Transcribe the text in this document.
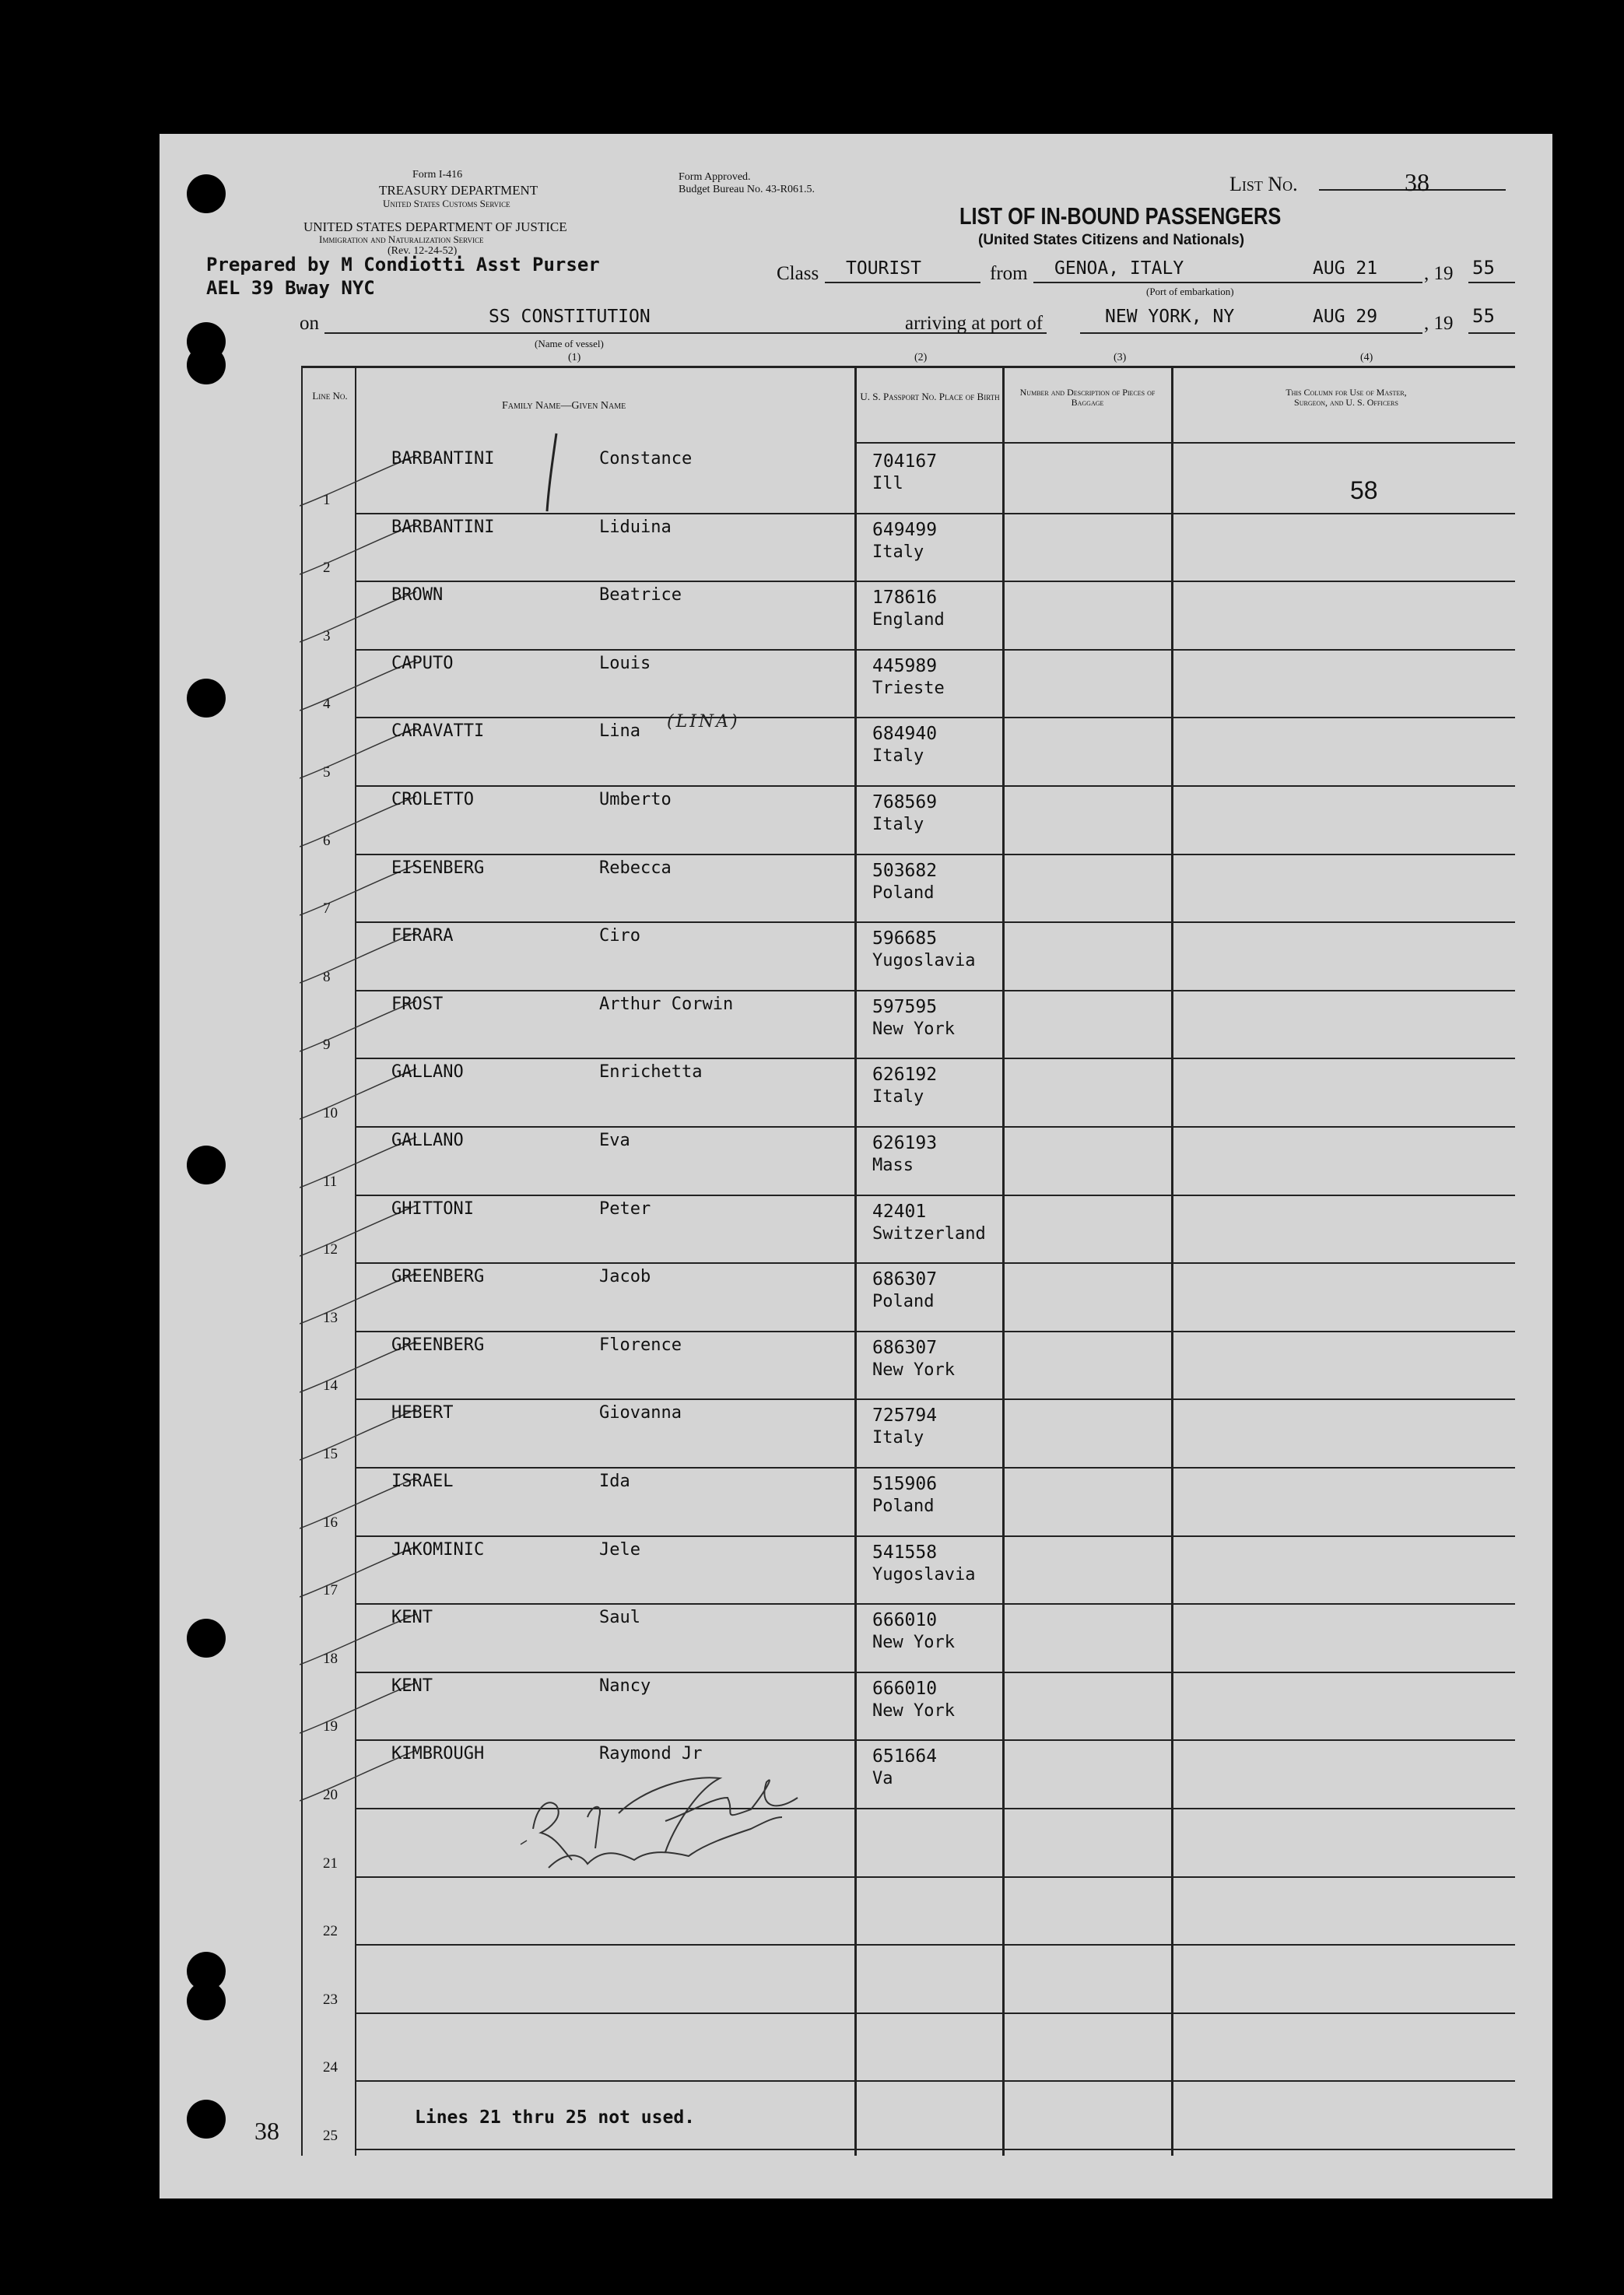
Form I-416
TREASURY DEPARTMENT
United States Customs Service
UNITED STATES DEPARTMENT OF JUSTICE
Immigration and Naturalization Service
(Rev. 12-24-52)
Form Approved.
Budget Bureau No. 43-R061.5.	List No.	38
LIST OF IN-BOUND PASSENGERS
(United States Citizens and Nationals)
Prepared by M Condiotti Asst Purser
AEL 39 Bway NYC
Class TOURIST	from GENOA, ITALY	AUG 21 , 19 55
(Port of embarkation)
on	SS CONSTITUTION
(Name of vessel)
arriving at port of	NEW YORK, NY	AUG 29 , 19 55
(1)	(2)	(3)	(4)
Line No.
Family Name—Given Name
U. S. Passport No. Place of Birth	Number and Description of Pieces of Baggage
This Column for Use of Master, Surgeon, and U. S. Officers
1
BARBANTINI	Constance	704167
Ill
2
BARBANTINI	Liduina	649499
Italy
3
BROWN	Beatrice	178616
England
4
CAPUTO	Louis	445989
Trieste
5
CARAVATTI	Lina	684940
Italy
6
CROLETTO	Umberto	768569
Italy
7
EISENBERG	Rebecca	503682
Poland
8
FERARA	Ciro	596685
Yugoslavia
9
FROST	Arthur Corwin	597595
New York
10
GALLANO	Enrichetta	626192
Italy
11
GALLANO	Eva	626193
Mass
12
GHITTONI	Peter	42401
Switzerland
13
GREENBERG	Jacob	686307
Poland
14
GREENBERG	Florence	686307
New York
15
HEBERT	Giovanna	725794
Italy
16
ISRAEL	Ida	515906
Poland
17
JAKOMINIC	Jele	541558
Yugoslavia
18
KENT	Saul	666010
New York
19
KENT	Nancy	666010
New York
20
KIMBROUGH	Raymond Jr	651664
Va
21
22
23
24
25
58
(LINA)
Lines 21 thru 25 not used.
38
